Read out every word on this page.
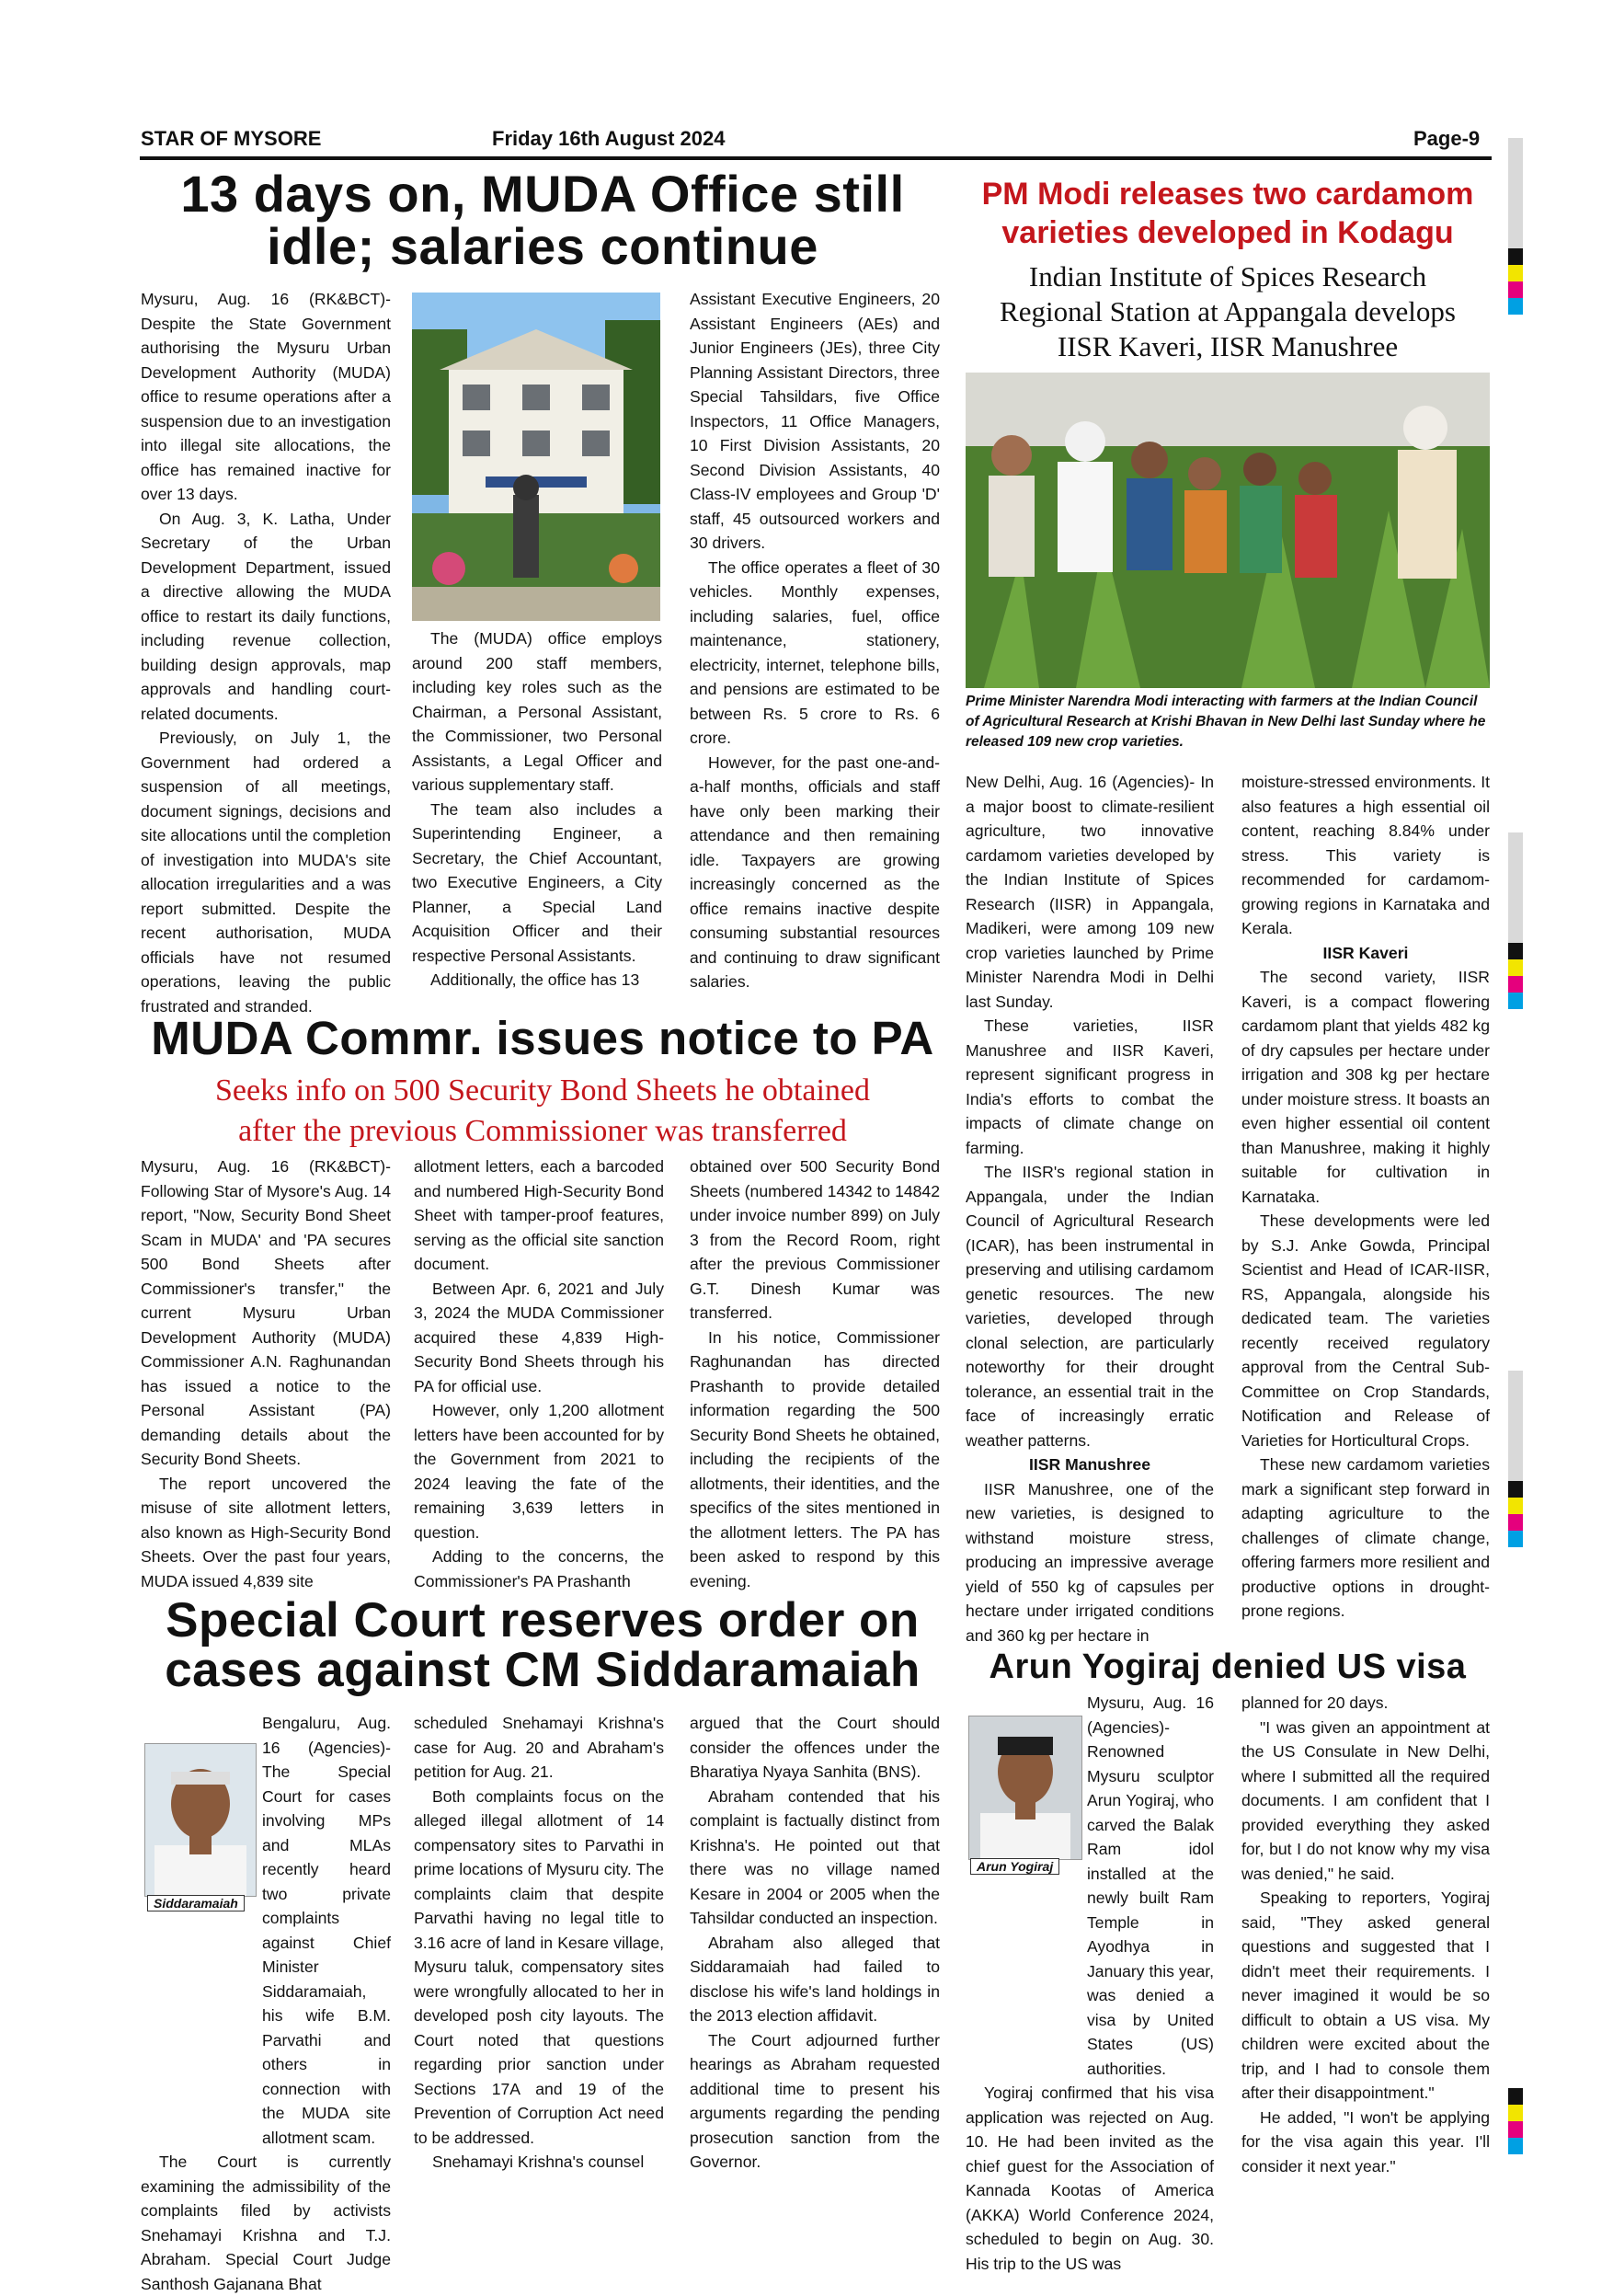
STAR OF MYSORE	Friday 16th August 2024	Page-9
13 days on, MUDA Office still
idle; salaries continue

Mysuru, Aug. 16 (RK&BCT)- Despite the State Government authorising the Mysuru Urban Development Authority (MUDA) office to resume operations after a suspension due to an investigation into illegal site allocations, the office has remained inactive for over 13 days.

On Aug. 3, K. Latha, Under Secretary of the Urban Development Department, issued a directive allowing the MUDA office to restart its daily functions, including revenue collection, building design approvals, map approvals and handling court-related documents.

Previously, on July 1, the Government had ordered a suspension of all meetings, document signings, decisions and site allocations until the completion of investigation into MUDA's site allocation irregularities and a was report submitted. Despite the recent authorisation, MUDA officials have not resumed operations, leaving the public frustrated and stranded.

The (MUDA) office employs around 200 staff members, including key roles such as the Chairman, a Personal Assistant, the Commissioner, two Personal Assistants, a Legal Officer and various supplementary staff.

The team also includes a Superintending Engineer, a Secretary, the Chief Accountant, two Executive Engineers, a City Planner, a Special Land Acquisition Officer and their respective Personal Assistants.

Additionally, the office has 13

Assistant Executive Engineers, 20 Assistant Engineers (AEs) and Junior Engineers (JEs), three City Planning Assistant Directors, three Special Tahsildars, five Office Inspectors, 11 Office Managers, 10 First Division Assistants, 20 Second Division Assistants, 40 Class-IV employees and Group 'D' staff, 45 outsourced workers and 30 drivers.

The office operates a fleet of 30 vehicles. Monthly expenses, including salaries, fuel, office maintenance, stationery, electricity, internet, telephone bills, and pensions are estimated to be between Rs. 5 crore to Rs. 6 crore.

However, for the past one-and- a-half months, officials and staff have only been marking their attendance and then remaining idle. Taxpayers are growing increasingly concerned as the office remains inactive despite consuming substantial resources and continuing to draw significant salaries.

MUDA Commr. issues notice to PA
Seeks info on 500 Security Bond Sheets he obtained
after the previous Commissioner was transferred

Mysuru, Aug. 16 (RK&BCT)- Following Star of Mysore's Aug. 14 report, "Now, Security Bond Sheet Scam in MUDA' and 'PA secures 500 Bond Sheets after Commissioner's transfer," the current Mysuru Urban Development Authority (MUDA) Commissioner A.N. Raghunandan has issued a notice to the Personal Assistant (PA) demanding details about the Security Bond Sheets.

The report uncovered the misuse of site allotment letters, also known as High-Security Bond Sheets. Over the past four years, MUDA issued 4,839 site

allotment letters, each a barcoded and numbered High-Security Bond Sheet with tamper-proof features, serving as the official site sanction document.

Between Apr. 6, 2021 and July 3, 2024 the MUDA Commissioner acquired these 4,839 High-Security Bond Sheets through his PA for official use.

However, only 1,200 allotment letters have been accounted for by the Government from 2021 to 2024 leaving the fate of the remaining 3,639 letters in question.

Adding to the concerns, the Commissioner's PA Prashanth

obtained over 500 Security Bond Sheets (numbered 14342 to 14842 under invoice number 899) on July 3 from the Record Room, right after the previous Commissioner G.T. Dinesh Kumar was transferred.

In his notice, Commissioner Raghunandan has directed Prashanth to provide detailed information regarding the 500 Security Bond Sheets he obtained, including the recipients of the allotments, their identities, and the specifics of the sites mentioned in the allotment letters. The PA has been asked to respond by this evening.

Special Court reserves order on
cases against CM Siddaramaiah
Siddaramaiah

Bengaluru, Aug. 16 (Agencies)- The Special Court for cases involving MPs and MLAs recently heard two private complaints against Chief Minister Siddaramaiah, his wife B.M. Parvathi and others in connection with the MUDA site allotment scam.

The Court is currently examining the admissibility of the complaints filed by activists Snehamayi Krishna and T.J. Abraham. Special Court Judge Santhosh Gajanana Bhat

scheduled Snehamayi Krishna's case for Aug. 20 and Abraham's petition for Aug. 21.

Both complaints focus on the alleged illegal allotment of 14 compensatory sites to Parvathi in prime locations of Mysuru city. The complaints claim that despite Parvathi having no legal title to 3.16 acre of land in Kesare village, Mysuru taluk, compensatory sites were wrongfully allocated to her in developed posh city layouts. The Court noted that questions regarding prior sanction under Sections 17A and 19 of the Prevention of Corruption Act need to be addressed.

Snehamayi Krishna's counsel

argued that the Court should consider the offences under the Bharatiya Nyaya Sanhita (BNS).

Abraham contended that his complaint is factually distinct from Krishna's. He pointed out that there was no village named Kesare in 2004 or 2005 when the Tahsildar conducted an inspection.

Abraham also alleged that Siddaramaiah had failed to disclose his wife's land holdings in the 2013 election affidavit.

The Court adjourned further hearings as Abraham requested additional time to present his arguments regarding the pending prosecution sanction from the Governor.

PM Modi releases two cardamom
varieties developed in Kodagu
Indian Institute of Spices Research
Regional Station at Appangala develops
IISR Kaveri, IISR Manushree
Prime Minister Narendra Modi interacting with farmers at the Indian Council of Agricultural Research at Krishi Bhavan in New Delhi last Sunday where he released 109 new crop varieties.

New Delhi, Aug. 16 (Agencies)- In a major boost to climate-resilient agriculture, two innovative cardamom varieties developed by the Indian Institute of Spices Research (IISR) in Appangala, Madikeri, were among 109 new crop varieties launched by Prime Minister Narendra Modi in Delhi last Sunday.

These varieties, IISR Manushree and IISR Kaveri, represent significant progress in India's efforts to combat the impacts of climate change on farming.

The IISR's regional station in Appangala, under the Indian Council of Agricultural Research (ICAR), has been instrumental in preserving and utilising cardamom genetic resources. The new varieties, developed through clonal selection, are particularly noteworthy for their drought tolerance, an essential trait in the face of increasingly erratic weather patterns.

IISR Manushree

IISR Manushree, one of the new varieties, is designed to withstand moisture stress, producing an impressive average yield of 550 kg of capsules per hectare under irrigated conditions and 360 kg per hectare in

moisture-stressed environments. It also features a high essential oil content, reaching 8.84% under stress. This variety is recommended for cardamom-growing regions in Karnataka and Kerala.

IISR Kaveri

The second variety, IISR Kaveri, is a compact flowering cardamom plant that yields 482 kg of dry capsules per hectare under irrigation and 308 kg per hectare under moisture stress. It boasts an even higher essential oil content than Manushree, making it highly suitable for cultivation in Karnataka.

These developments were led by S.J. Anke Gowda, Principal Scientist and Head of ICAR-IISR, RS, Appangala, alongside his dedicated team. The varieties recently received regulatory approval from the Central Sub-Committee on Crop Standards, Notification and Release of Varieties for Horticultural Crops.

These new cardamom varieties mark a significant step forward in adapting agriculture to the challenges of climate change, offering farmers more resilient and productive options in drought-prone regions.

Arun Yogiraj denied US visa
Arun Yogiraj

Mysuru, Aug. 16 (Agencies)- Renowned Mysuru sculptor Arun Yogiraj, who carved the Balak Ram idol installed at the newly built Ram Temple in Ayodhya in January this year, was denied a visa by United States (US) authorities.

Yogiraj confirmed that his visa application was rejected on Aug. 10. He had been invited as the chief guest for the Association of Kannada Kootas of America (AKKA) World Conference 2024, scheduled to begin on Aug. 30. His trip to the US was

planned for 20 days.

"I was given an appointment at the US Consulate in New Delhi, where I submitted all the required documents. I am confident that I provided everything they asked for, but I do not know why my visa was denied," he said.

Speaking to reporters, Yogiraj said, "They asked general questions and suggested that I didn't meet their requirements. I never imagined it would be so difficult to obtain a US visa. My children were excited about the trip, and I had to console them after their disappointment."

He added, "I won't be applying for the visa again this year. I'll consider it next year."
